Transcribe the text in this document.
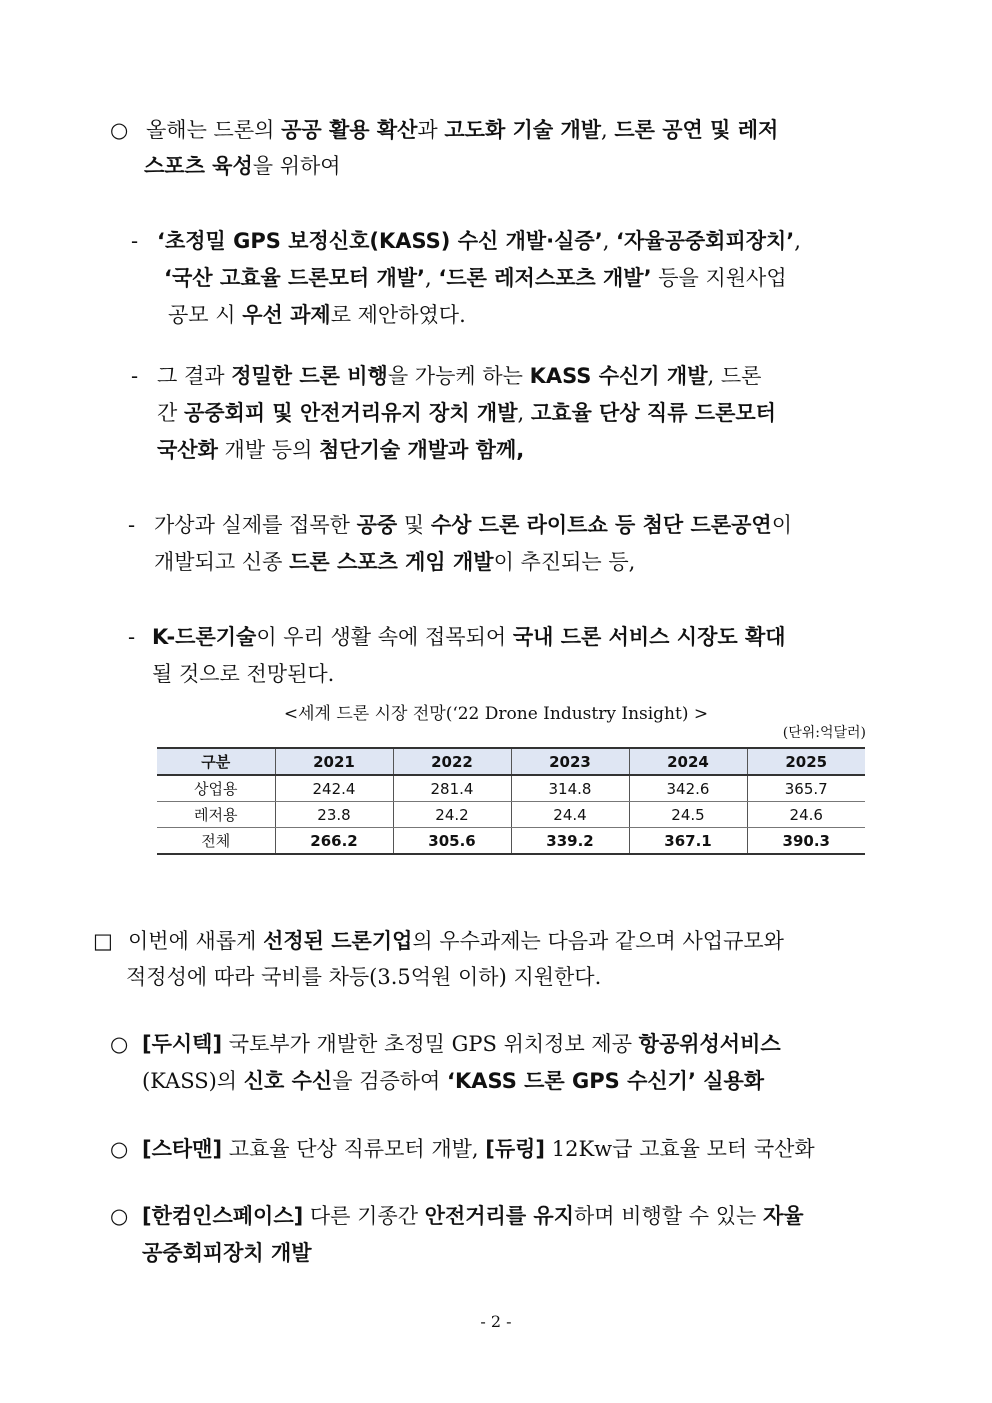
○ 올해는 드론의 공공 활용 확산과 고도화 기술 개발, 드론 공연 및 레저
스포츠 육성을 위하여
- ‘초정밀 GPS 보정신호(KASS) 수신 개발·실증’, ‘자율공중회피장치’,
‘국산 고효율 드론모터 개발’, ‘드론 레저스포츠 개발’ 등을 지원사업
공모 시 우선 과제로 제안하였다.
- 그 결과 정밀한 드론 비행을 가능케 하는 KASS 수신기 개발, 드론
간 공중회피 및 안전거리유지 장치 개발, 고효율 단상 직류 드론모터
국산화 개발 등의 첨단기술 개발과 함께,
- 가상과 실제를 접목한 공중 및 수상 드론 라이트쇼 등 첨단 드론공연이
개발되고 신종 드론 스포츠 게임 개발이 추진되는 등,
- K-드론기술이 우리 생활 속에 접목되어 국내 드론 서비스 시장도 확대
될 것으로 전망된다.
<세계 드론 시장 전망(‘22 Drone Industry Insight) >
(단위:억달러)
구분	2021	2022	2023	2024	2025
상업용	242.4	281.4	314.8	342.6	365.7
레저용	23.8	24.2	24.4	24.5	24.6
전체	266.2	305.6	339.2	367.1	390.3
□ 이번에 새롭게 선정된 드론기업의 우수과제는 다음과 같으며 사업규모와
적정성에 따라 국비를 차등(3.5억원 이하) 지원한다.
○ [두시텍] 국토부가 개발한 초정밀 GPS 위치정보 제공 항공위성서비스
(KASS)의 신호 수신을 검증하여 ‘KASS 드론 GPS 수신기’ 실용화
○ [스타맨] 고효율 단상 직류모터 개발, [듀링] 12Kw급 고효율 모터 국산화
○ [한컴인스페이스] 다른 기종간 안전거리를 유지하며 비행할 수 있는 자율
공중회피장치 개발
- 2 -
